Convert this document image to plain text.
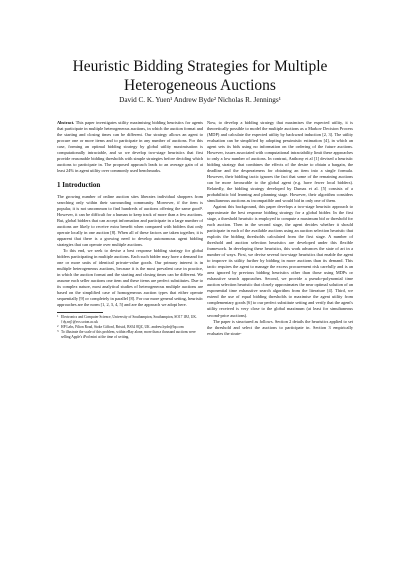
Heuristic Bidding Strategies for Multiple
Heterogeneous Auctions
David C. K. Yuen¹ Andrew Byde² Nicholas R. Jennings¹

Abstract. This paper investigates utility maximising bidding heuristics for agents that participate in multiple heterogeneous auctions, in which the auction format and the starting and closing times can be different. Our strategy allows an agent to procure one or more items and to participate in any number of auctions. For this case, forming an optimal bidding strategy by global utility maximisation is computationally intractable, and so we develop two-stage heuristics that first provide reasonable bidding thresholds with simple strategies before deciding which auctions to participate in. The proposed approach leads to an average gain of at least 24% in agent utility over commonly used benchmarks.

1 Introduction

The growing number of online auction sites liberates individual shoppers from searching only within their surrounding community. Moreover, if the item is popular, it is not uncommon to find hundreds of auctions offering the same good³. However, it can be difficult for a human to keep track of more than a few auctions. But, global bidders that can accept information and participate in a large number of auctions are likely to receive extra benefit when compared with bidders that only operate locally in one auction [8]. When all of these factors are taken together, it is apparent that there is a growing need to develop autonomous agent bidding strategies that can operate over multiple auctions.

To this end, we seek to devise a best response bidding strategy for global bidders participating in multiple auctions. Each such bidder may have a demand for one or more units of identical private-value goods. Our primary interest is in multiple heterogeneous auctions, because it is the most prevalent case in practice, in which the auction format and the starting and closing times can be different. We assume each seller auctions one item and these items are perfect substitutes. Due to its complex nature, most analytical studies of heterogeneous multiple auctions are based on the simplified case of homogeneous auction types that either operate sequentially [9] or completely in parallel [8]. For our more general setting, heuristic approaches are the norm [1, 2, 3, 4, 5] and are the approach we adopt here.

1 Electronics and Computer Science, University of Southampton, Southampton, SO17 1BJ, UK. {dy,nrj}@ecs.soton.ac.uk
2 HP Labs, Filton Road, Stoke Gifford, Bristol, BS34 8QZ, UK. andrew.byde@hp.com
3 To illustrate the scale of this problem, within eBay alone, more than a thousand auctions were selling Apple's iPod mini at the time of writing.

Now, to develop a bidding strategy that maximises the expected utility, it is theoretically possible to model the multiple auctions as a Markov Decision Process (MDP) and calculate the expected utility by backward induction [2, 3]. The utility evaluation can be simplified by adopting pessimistic estimation [4], in which an agent sets its bids using no information on the ordering of the future auctions. However, issues associated with computational intractability limit these approaches to only a low number of auctions. In contrast, Anthony et al [1] devised a heuristic bidding strategy that combines the effects of the desire to obtain a bargain, the deadline and the desperateness for obtaining an item into a single formula. However, their bidding tactic ignores the fact that some of the remaining auctions can be more favourable to the global agent (e.g. have fewer local bidders). Relatedly, the bidding strategy developed by Dumas et al. [5] consists of a probabilistic bid learning and planning stage. However, their algorithm considers simultaneous auctions as incompatible and would bid in only one of them.

Against this background, this paper develops a two-stage heuristic approach to approximate the best response bidding strategy for a global bidder. In the first stage, a threshold heuristic is employed to compute a maximum bid or threshold for each auction. Then in the second stage, the agent decides whether it should participate in each of the available auctions using an auction selection heuristic that exploits the bidding thresholds calculated from the first stage. A number of threshold and auction selection heuristics are developed under this flexible framework. In developing these heuristics, this work advances the state of art in a number of ways. First, we devise several two-stage heuristics that enable the agent to improve its utility further by bidding in more auctions than its demand. This tactic requires the agent to manage the excess procurement risk carefully and is an area ignored by previous bidding heuristics other than those using MDPs or exhaustive search approaches. Second, we provide a pseudo-polynomial time auction selection heuristic that closely approximates the near optimal solution of an exponential time exhaustive search algorithm from the literature [4]. Third, we extend the use of equal bidding thresholds to maximise the agent utility from complementary goods [6] to our perfect substitute setting and verify that the agent's utility received is very close to the global maximum (at least for simultaneous second-price auctions).

The paper is structured as follows. Section 2 details the heuristics applied to set the threshold and select the auctions to participate in. Section 3 empirically evaluates the strate-
